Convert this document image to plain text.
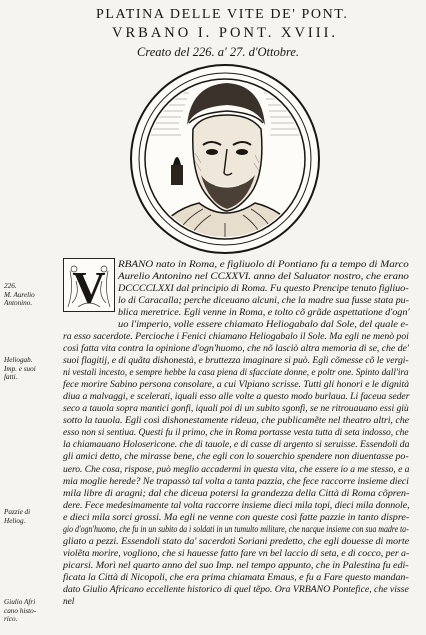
PLATINA DELLE VITE DE' PONT.
VRBANO I. PONT. XVIII.
Creato del 226. a' 27. d'Ottobre.
226.
M. Aurelio
Antonino.
Heliogab.
Imp. e suoi
fatti.
Pazzie di
Heliog.
Giulio Afri
cano histo-
rico.
V RBANO nato in Roma, e figliuolo di Pontiano fu a tempo di Marco
Aurelio Antonino nel CCXXVI. anno del Saluator nostro, che erano
DCCCCLXXI dal principio di Roma. Fu questo Prencipe tenuto figliuo-
lo di Caracalla; perche diceuano alcuni, che la madre sua fusse stata pu-
blica meretrice. Egli venne in Roma, e tolto cõ grãde aspettatione d'ogn'
uo l'imperio, volle essere chiamato Heliogabalo dal Sole, del quale e-
ra esso sacerdote. Percioche i Fenici chiamano Heliogabalo il Sole. Ma egli ne menò poi
così fatta vita contra la opinione d'ogn'huomo, che nõ lasciò altra memoria di se, che de'
suoi flagitij, e di quãta dishonestà, e bruttezza imaginare si può. Egli cõmesse cõ le vergi-
ni vestali incesto, e sempre hebbe la casa piena di sfacciate donne, e poltr one. Spinto dall'ira
fece morire Sabino persona consolare, a cui Vlpiano scrisse. Tutti gli honori e le dignità
diua a malvaggi, e scelerati, iquali esso alle volte a questo modo burlaua. Li faceua seder
seco a tauola sopra mantici gonfi, iquali poi di un subito sgonfi, se ne ritrouauano essi giù
sotto la tauola. Egli così dishonestamente rideua, che publicamẽte nel theatro altri, che
esso non si sentiua. Questi fu il primo, che in Roma portasse vesta tutta di seta indosso, che
la chiamauano Holosericone. che di tauole, e di casse di argento si seruisse. Essendoli da
gli amici detto, che mirasse bene, che egli con lo souerchio spendere non diuentasse po-
uero. Che cosa, rispose, può meglio accadermi in questa vita, che essere io a me stesso, e a
mia moglie herede? Ne trapassò tal volta a tanta pazzia, che fece raccorre insieme dieci
mila libre di aragni; dal che diceua potersi la grandezza della Città di Roma cõpren-
dere. Fece medesimamente tal volta raccorre insieme dieci mila topi, dieci mila donnole,
e dieci mila sorci grossi. Ma egli ne venne con queste così fatte pazzie in tanto dispre-
gio d'ogn'huomo, che fu in un subito da i soldati in un tumulto militare, che nacque insieme con sua madre ta-
gliato a pezzi. Essendoli stato da' sacerdoti Soriani predetto, che egli douesse di morte
violẽta morire, vogliono, che si hauesse fatto fare vn bel laccio di seta, e di cocco, per a-
picarsi. Morì nel quarto anno del suo Imp. nel tempo appunto, che in Palestina fu edi-
ficata la Città di Nicopoli, che era prima chiamata Emaus, e fu a Fare questo mandan-
dato Giulio Africano eccellente historico di quel tẽpo. Ora VRBANO Pontefice, che visse
nel
